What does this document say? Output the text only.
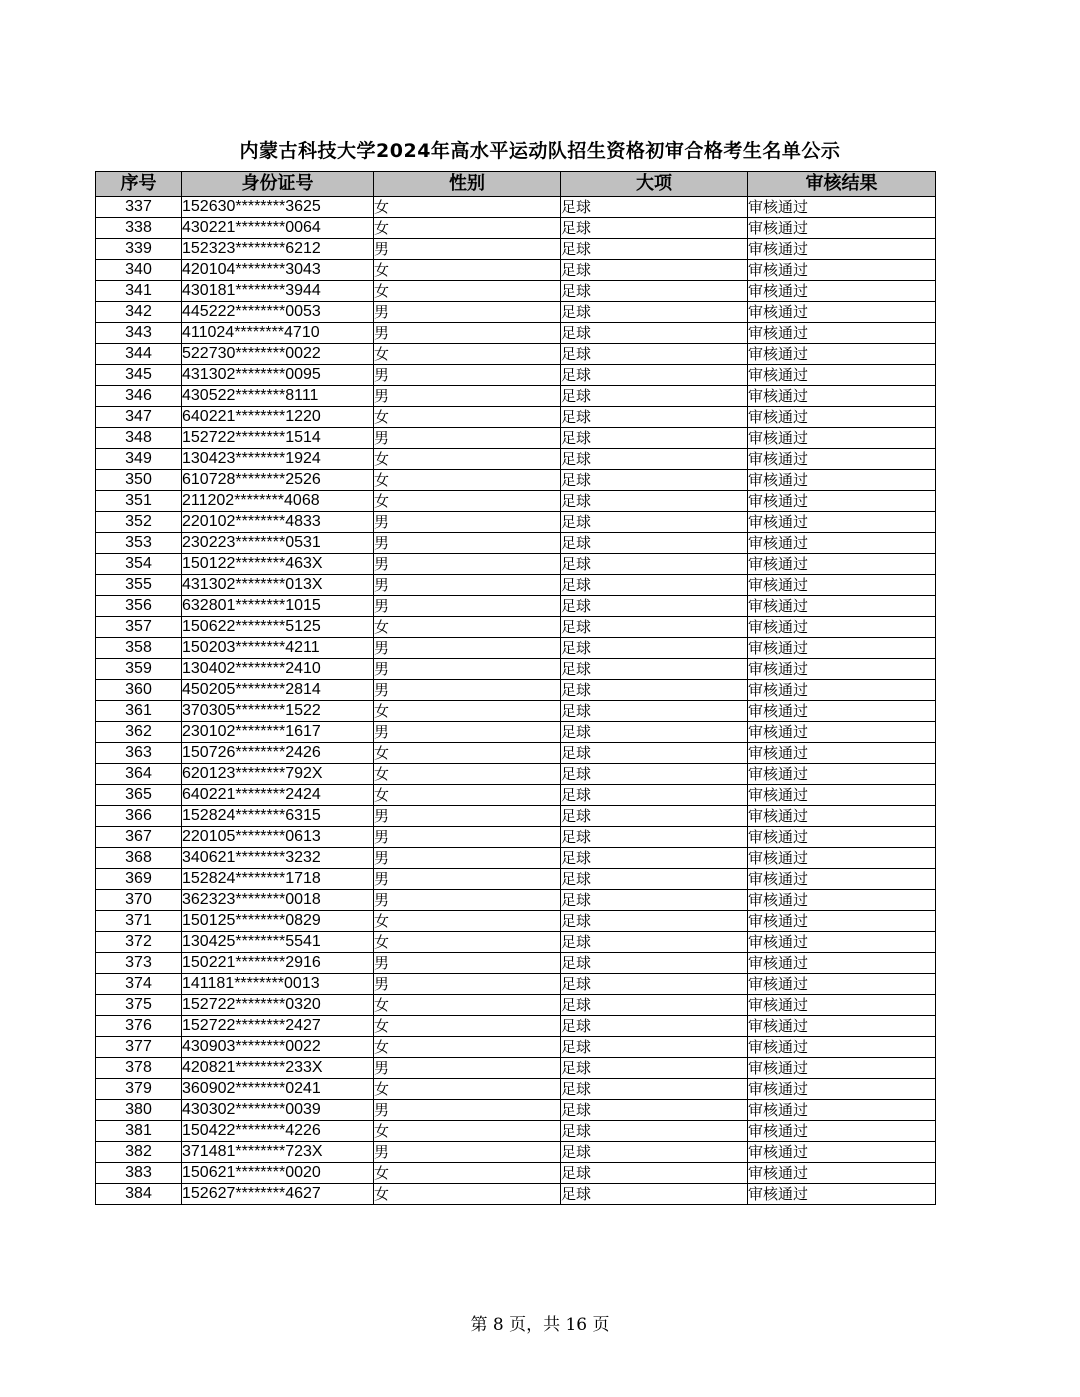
内蒙古科技大学2024年高水平运动队招生资格初审合格考生名单公示
序号	身份证号	性别	大项	审核结果
337	152630********3625	女	足球	审核通过
338	430221********0064	女	足球	审核通过
339	152323********6212	男	足球	审核通过
340	420104********3043	女	足球	审核通过
341	430181********3944	女	足球	审核通过
342	445222********0053	男	足球	审核通过
343	411024********4710	男	足球	审核通过
344	522730********0022	女	足球	审核通过
345	431302********0095	男	足球	审核通过
346	430522********8111	男	足球	审核通过
347	640221********1220	女	足球	审核通过
348	152722********1514	男	足球	审核通过
349	130423********1924	女	足球	审核通过
350	610728********2526	女	足球	审核通过
351	211202********4068	女	足球	审核通过
352	220102********4833	男	足球	审核通过
353	230223********0531	男	足球	审核通过
354	150122********463X	男	足球	审核通过
355	431302********013X	男	足球	审核通过
356	632801********1015	男	足球	审核通过
357	150622********5125	女	足球	审核通过
358	150203********4211	男	足球	审核通过
359	130402********2410	男	足球	审核通过
360	450205********2814	男	足球	审核通过
361	370305********1522	女	足球	审核通过
362	230102********1617	男	足球	审核通过
363	150726********2426	女	足球	审核通过
364	620123********792X	女	足球	审核通过
365	640221********2424	女	足球	审核通过
366	152824********6315	男	足球	审核通过
367	220105********0613	男	足球	审核通过
368	340621********3232	男	足球	审核通过
369	152824********1718	男	足球	审核通过
370	362323********0018	男	足球	审核通过
371	150125********0829	女	足球	审核通过
372	130425********5541	女	足球	审核通过
373	150221********2916	男	足球	审核通过
374	141181********0013	男	足球	审核通过
375	152722********0320	女	足球	审核通过
376	152722********2427	女	足球	审核通过
377	430903********0022	女	足球	审核通过
378	420821********233X	男	足球	审核通过
379	360902********0241	女	足球	审核通过
380	430302********0039	男	足球	审核通过
381	150422********4226	女	足球	审核通过
382	371481********723X	男	足球	审核通过
383	150621********0020	女	足球	审核通过
384	152627********4627	女	足球	审核通过
第 8 页，共 16 页
